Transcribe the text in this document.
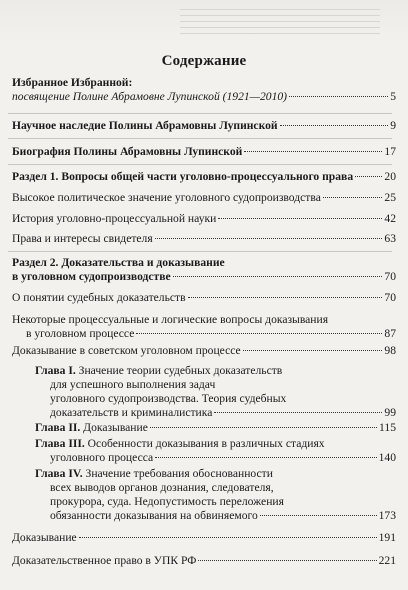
Содержание
Избранное Избранной:
посвящение Полине Абрамовне Лупинской (1921—2010)	5
Научное наследие Полины Абрамовны Лупинской	9
Биография Полины Абрамовны Лупинской	17
Раздел 1. Вопросы общей части уголовно-процессуального права	20
Высокое политическое значение уголовного судопроизводства	25
История уголовно-процессуальной науки	42
Права и интересы свидетеля	63
Раздел 2. Доказательства и доказывание
в уголовном судопроизводстве	70
О понятии судебных доказательств	70
Некоторые процессуальные и логические вопросы доказывания
в уголовном процессе	87
Доказывание в советском уголовном процессе	98
Глава I. Значение теории судебных доказательств
для успешного выполнения задач
уголовного судопроизводства. Теория судебных
доказательств и криминалистика	99
Глава II. Доказывание	115
Глава III. Особенности доказывания в различных стадиях
уголовного процесса	140
Глава IV. Значение требования обоснованности
всех выводов органов дознания, следователя,
прокурора, суда. Недопустимость переложения
обязанности доказывания на обвиняемого	173
Доказывание	191
Доказательственное право в УПК РФ	221
